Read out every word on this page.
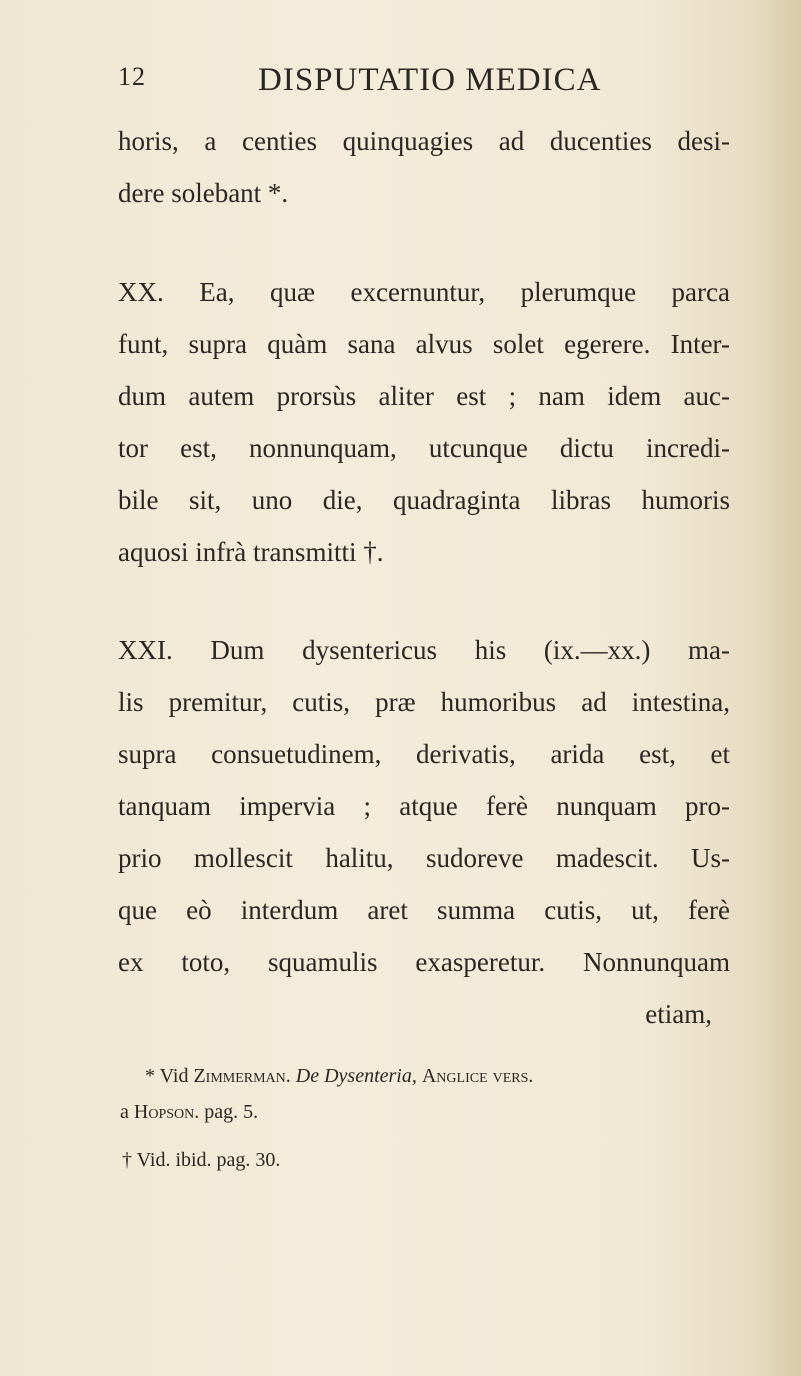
12	DISPUTATIO MEDICA
horis, a centies quinquagies ad ducenties desi-
dere solebant *.
XX. Ea, quæ excernuntur, plerumque parca
funt, supra quàm sana alvus solet egerere. Inter-
dum autem prorsùs aliter est ; nam idem auc-
tor est, nonnunquam, utcunque dictu incredi-
bile sit, uno die, quadraginta libras humoris
aquosi infrà transmitti †.
XXI. Dum dysentericus his (ix.—xx.) ma-
lis premitur, cutis, præ humoribus ad intestina,
supra consuetudinem, derivatis, arida est, et
tanquam impervia ; atque ferè nunquam pro-
prio mollescit halitu, sudoreve madescit. Us-
que eò interdum aret summa cutis, ut, ferè
ex toto, squamulis exasperetur. Nonnunquam
etiam,
* Vid Zimmerman. De Dysenteria, Anglice vers.
a Hopson. pag. 5.
† Vid. ibid. pag. 30.
